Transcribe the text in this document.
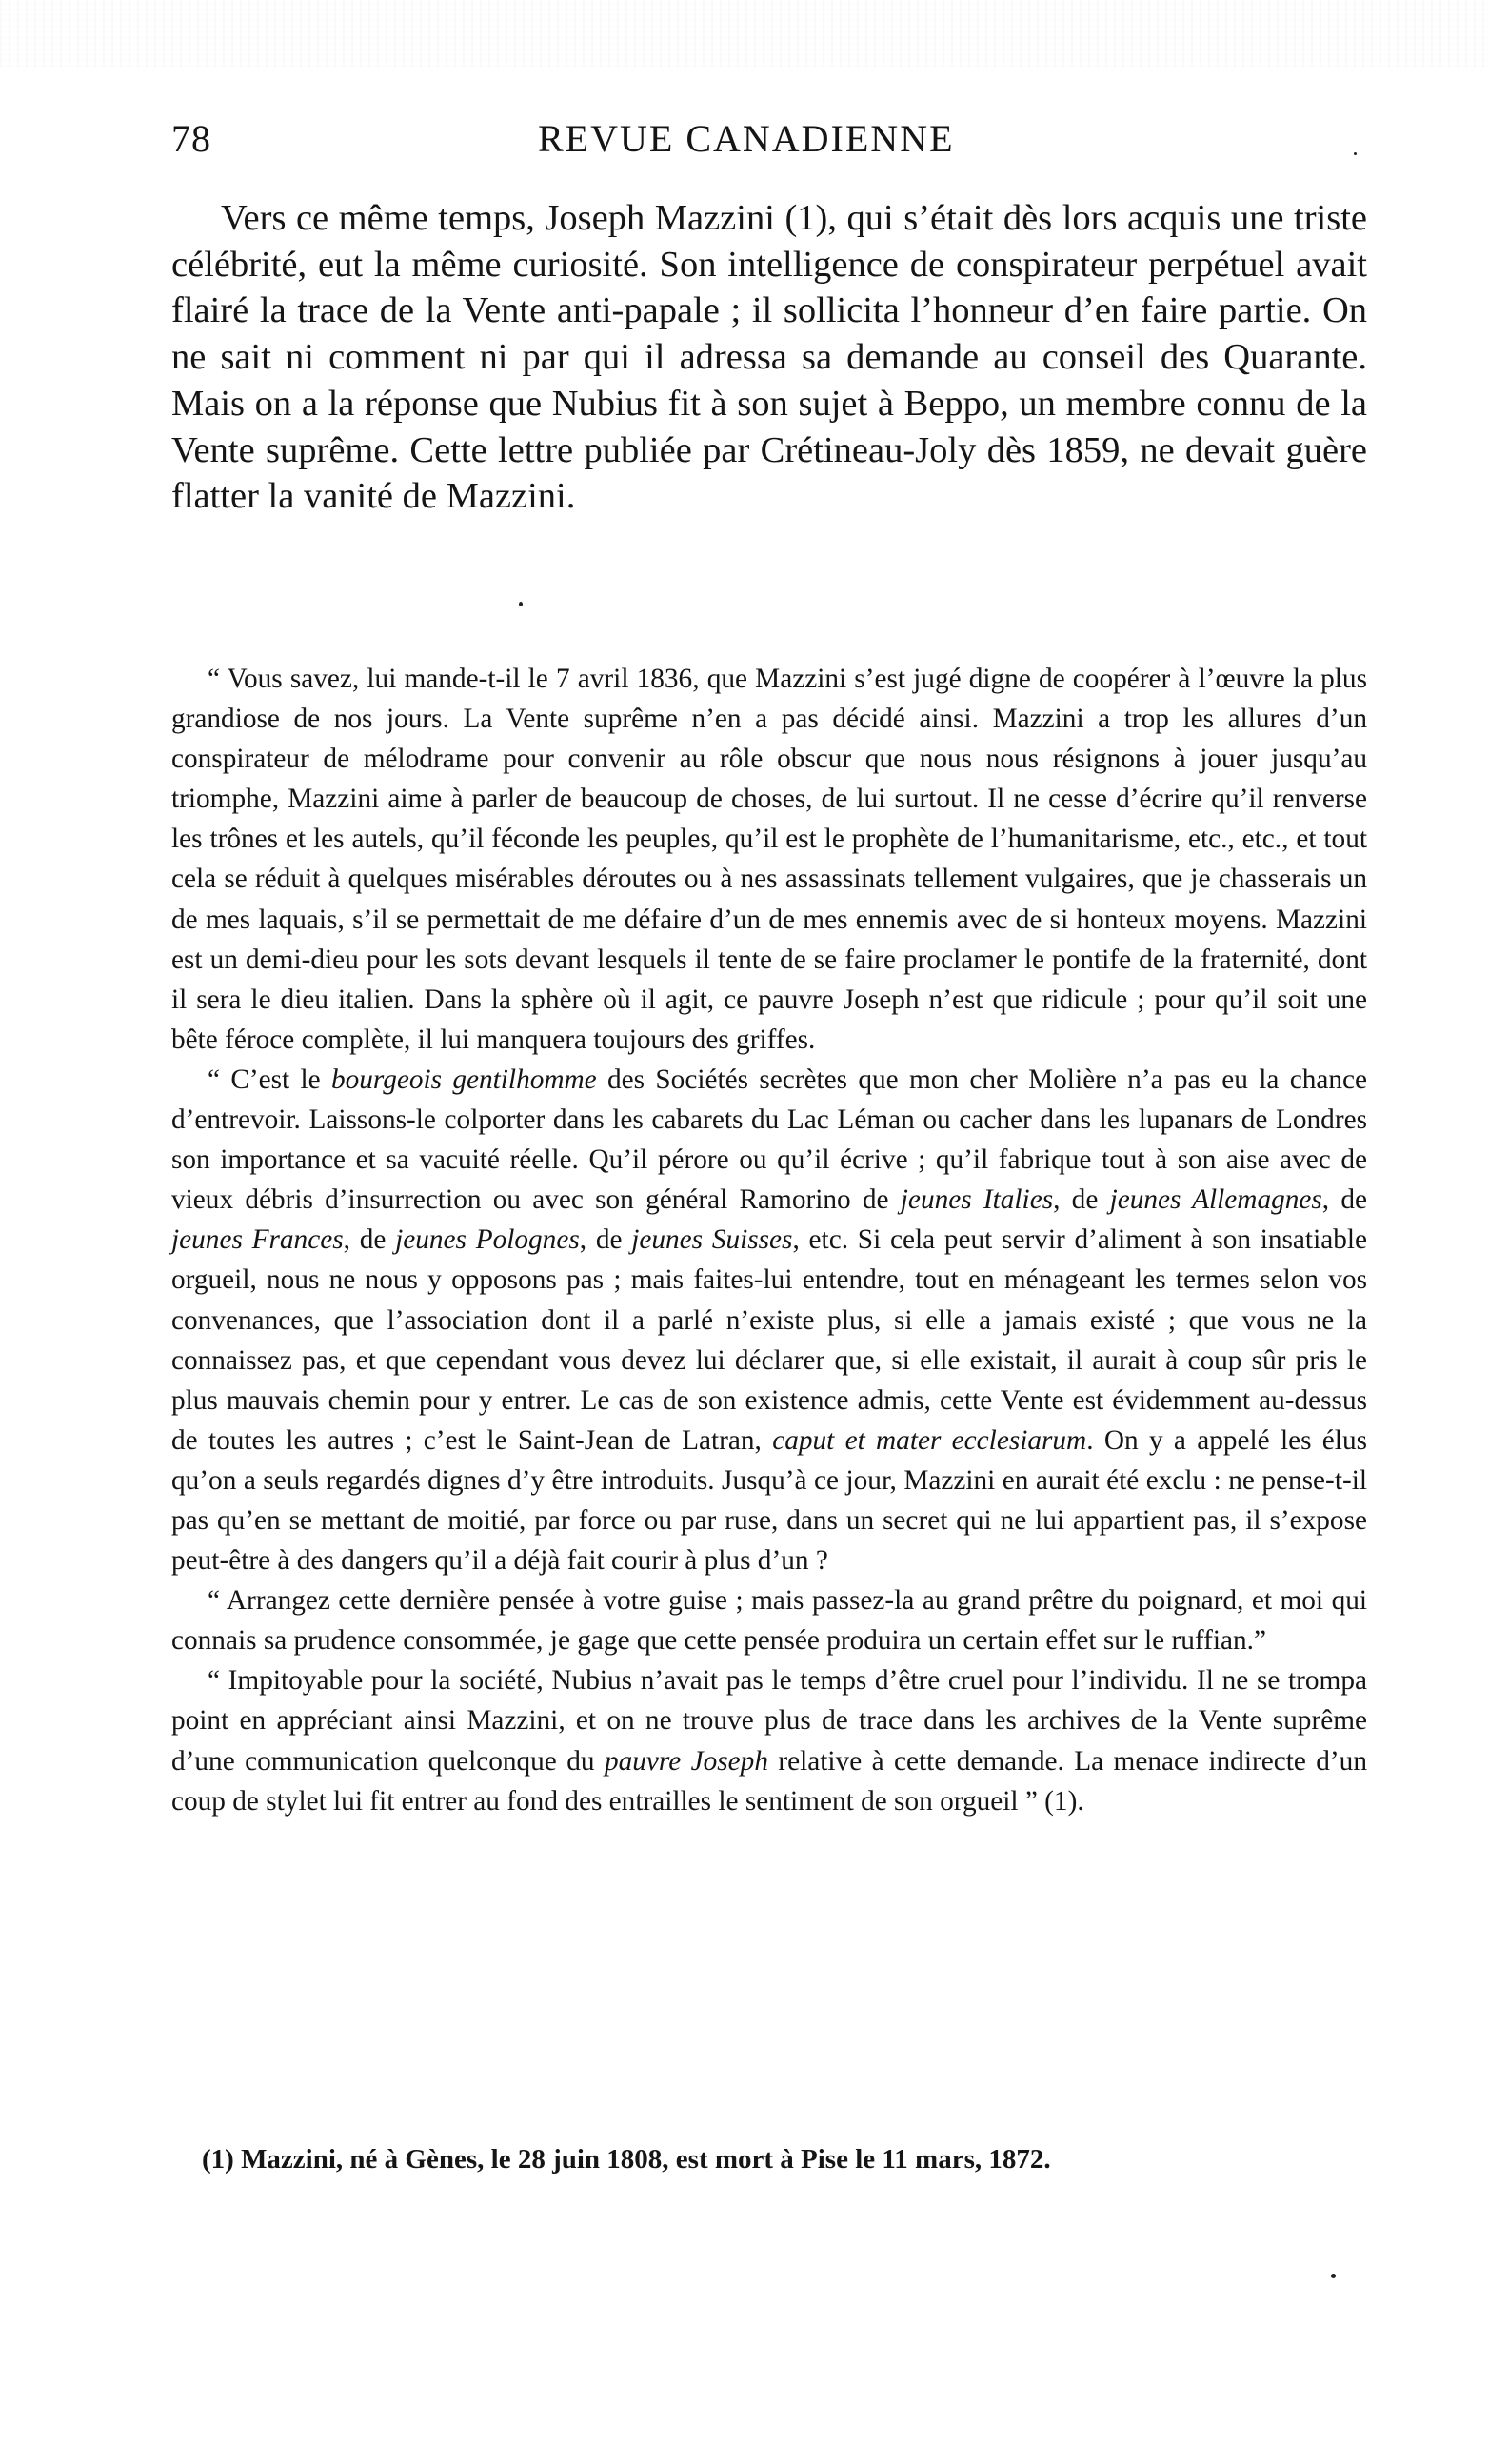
78	REVUE CANADIENNE

Vers ce même temps, Joseph Mazzini (1), qui s’était dès lors acquis une triste célébrité, eut la même curiosité. Son intelligence de conspirateur perpétuel avait flairé la trace de la Vente anti-papale ; il sollicita l’honneur d’en faire partie. On ne sait ni comment ni par qui il adressa sa demande au conseil des Quarante. Mais on a la réponse que Nubius fit à son sujet à Beppo, un membre connu de la Vente suprême. Cette lettre publiée par Crétineau-Joly dès 1859, ne devait guère flatter la vanité de Mazzini.

“ Vous savez, lui mande-t-il le 7 avril 1836, que Mazzini s’est jugé digne de coopérer à l’œuvre la plus grandiose de nos jours. La Vente suprême n’en a pas décidé ainsi. Mazzini a trop les allures d’un conspirateur de mélodrame pour convenir au rôle obscur que nous nous résignons à jouer jusqu’au triomphe, Mazzini aime à parler de beaucoup de choses, de lui surtout. Il ne cesse d’écrire qu’il renverse les trônes et les autels, qu’il féconde les peuples, qu’il est le prophète de l’humanitarisme, etc., etc., et tout cela se réduit à quelques misérables déroutes ou à nes assassinats tellement vulgaires, que je chasserais un de mes laquais, s’il se permettait de me défaire d’un de mes ennemis avec de si honteux moyens. Mazzini est un demi-dieu pour les sots devant lesquels il tente de se faire proclamer le pontife de la fraternité, dont il sera le dieu italien. Dans la sphère où il agit, ce pauvre Joseph n’est que ridicule ; pour qu’il soit une bête féroce complète, il lui manquera toujours des griffes.

“ C’est le bourgeois gentilhomme des Sociétés secrètes que mon cher Molière n’a pas eu la chance d’entrevoir. Laissons-le colporter dans les cabarets du Lac Léman ou cacher dans les lupanars de Londres son importance et sa vacuité réelle. Qu’il pérore ou qu’il écrive ; qu’il fabrique tout à son aise avec de vieux débris d’insurrection ou avec son général Ramorino de jeunes Italies, de jeunes Allemagnes, de jeunes Frances, de jeunes Polognes, de jeunes Suisses, etc. Si cela peut servir d’aliment à son insatiable orgueil, nous ne nous y opposons pas ; mais faites-lui entendre, tout en ménageant les termes selon vos convenances, que l’association dont il a parlé n’existe plus, si elle a jamais existé ; que vous ne la connaissez pas, et que cependant vous devez lui déclarer que, si elle existait, il aurait à coup sûr pris le plus mauvais chemin pour y entrer. Le cas de son existence admis, cette Vente est évidemment au-dessus de toutes les autres ; c’est le Saint-Jean de Latran, caput et mater ecclesiarum. On y a appelé les élus qu’on a seuls regardés dignes d’y être introduits. Jusqu’à ce jour, Mazzini en aurait été exclu : ne pense-t-il pas qu’en se mettant de moitié, par force ou par ruse, dans un secret qui ne lui appartient pas, il s’expose peut-être à des dangers qu’il a déjà fait courir à plus d’un ?

“ Arrangez cette dernière pensée à votre guise ; mais passez-la au grand prêtre du poignard, et moi qui connais sa prudence consommée, je gage que cette pensée produira un certain effet sur le ruffian.”

“ Impitoyable pour la société, Nubius n’avait pas le temps d’être cruel pour l’individu. Il ne se trompa point en appréciant ainsi Mazzini, et on ne trouve plus de trace dans les archives de la Vente suprême d’une communication quelconque du pauvre Joseph relative à cette demande. La menace indirecte d’un coup de stylet lui fit entrer au fond des entrailles le sentiment de son orgueil ” (1).

(1) Mazzini, né à Gènes, le 28 juin 1808, est mort à Pise le 11 mars, 1872.
